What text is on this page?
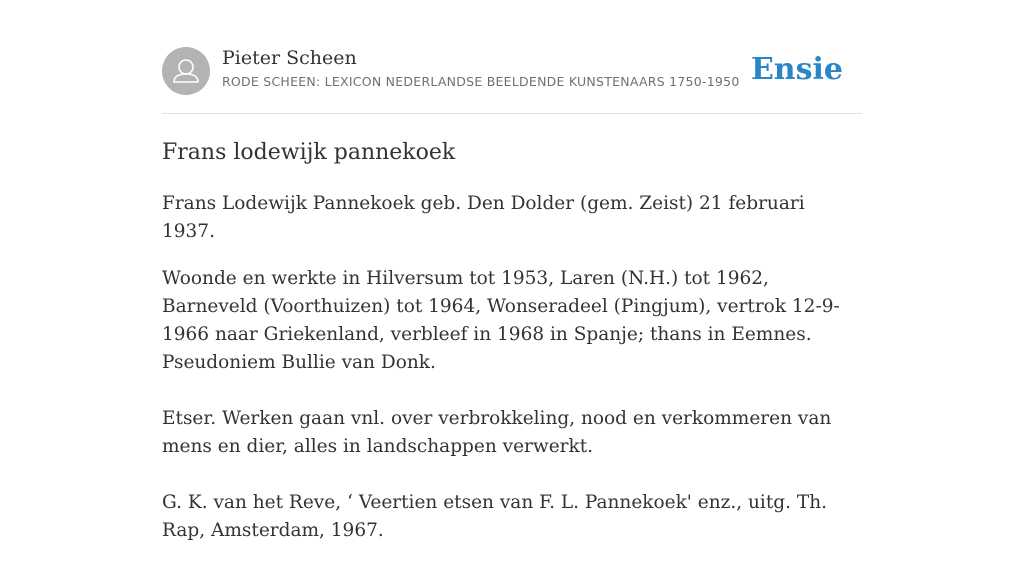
Pieter Scheen
RODE SCHEEN: LEXICON NEDERLANDSE BEELDENDE KUNSTENAARS 1750-1950 Ensie
Frans lodewijk pannekoek

Frans Lodewijk Pannekoek geb. Den Dolder (gem. Zeist) 21 februari 1937.

Woonde en werkte in Hilversum tot 1953, Laren (N.H.) tot 1962, Barneveld (Voorthuizen) tot 1964, Wonseradeel (Pingjum), vertrok 12-9-1966 naar Griekenland, verbleef in 1968 in Spanje; thans in Eemnes. Pseudoniem Bullie van Donk.

Etser. Werken gaan vnl. over verbrokkeling, nood en verkommeren van mens en dier, alles in landschappen verwerkt.

G. K. van het Reve, ‘ Veertien etsen van F. L. Pannekoek' enz., uitg. Th. Rap, Amsterdam, 1967.
